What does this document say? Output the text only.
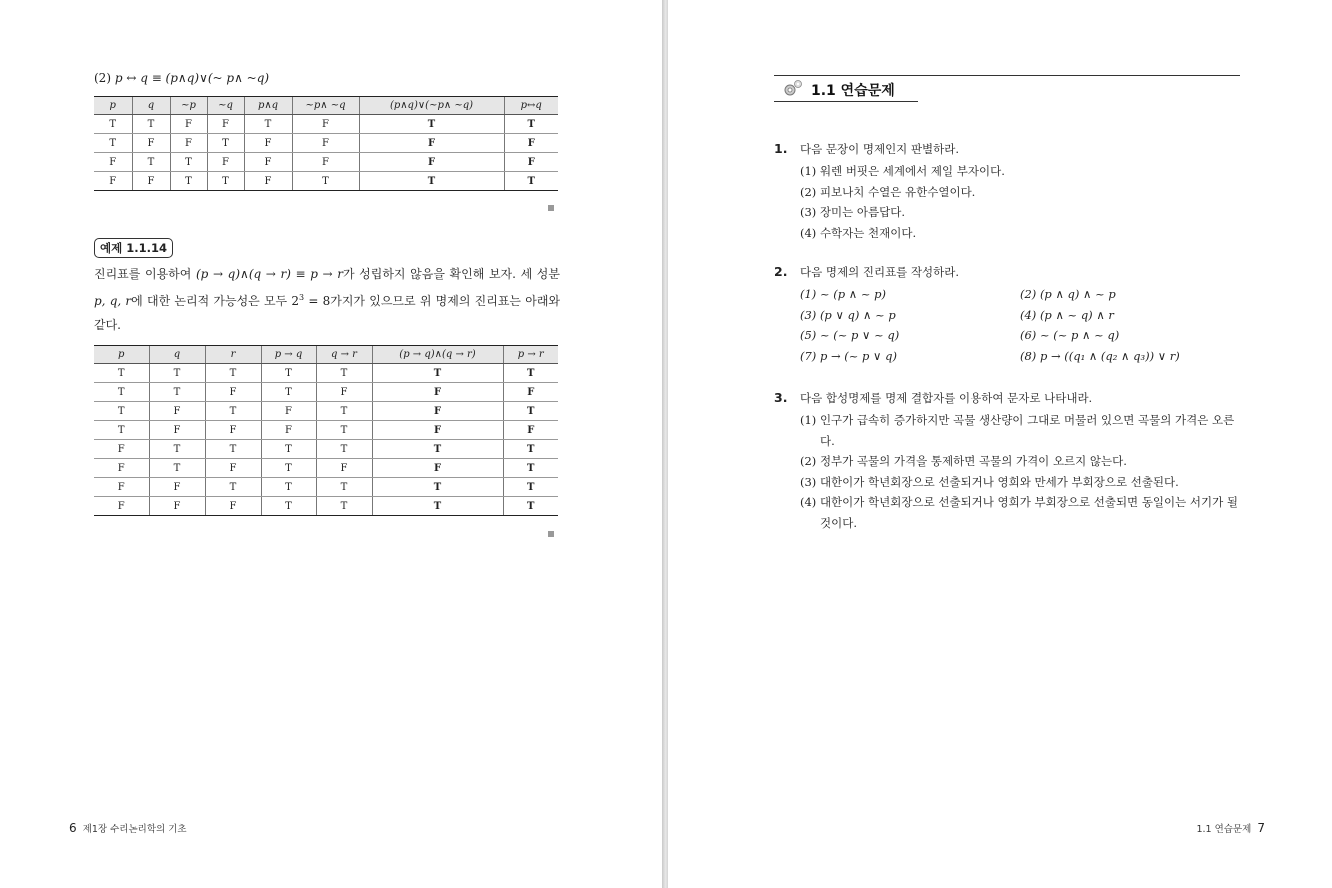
(2) p ↔ q ≡ (p∧q)∨(~ p∧ ~q)
p	q	~p	~q	p∧q	~p∧ ~q	(p∧q)∨(~p∧ ~q)	p↔q
T	T	F	F	T	F	T	T
T	F	F	T	F	F	F	F
F	T	T	F	F	F	F	F
F	F	T	T	F	T	T	T
예제 1.1.14

진리표를 이용하여 (p → q)∧(q → r) ≡ p → r가 성립하지 않음을 확인해 보자. 세 성분 p, q, r에 대한 논리적 가능성은 모두 $2^3 = 8$가지가 있으므로 위 명제의 진리표는 아래와 같다.

p	q	r	p → q	q → r	(p → q)∧(q → r)	p → r
T	T	T	T	T	T	T
T	T	F	T	F	F	F
T	F	T	F	T	F	T
T	F	F	F	T	F	F
F	T	T	T	T	T	T
F	T	F	T	F	F	T
F	F	T	T	T	T	T
F	F	F	T	T	T	T
6 제1장 수리논리학의 기초
1.1 연습문제
1. 다음 문장이 명제인지 판별하라.
(1) 워렌 버핏은 세계에서 제일 부자이다.
(2) 피보나치 수열은 유한수열이다.
(3) 장미는 아름답다.
(4) 수학자는 천재이다.
2. 다음 명제의 진리표를 작성하라.
(1) ~ (p ∧ ~ p)	(2) (p ∧ q) ∧ ~ p
(3) (p ∨ q) ∧ ~ p	(4) (p ∧ ~ q) ∧ r
(5) ~ (~ p ∨ ~ q)	(6) ~ (~ p ∧ ~ q)
(7) p → (~ p ∨ q)	(8) p → ((q₁ ∧ (q₂ ∧ q₃)) ∨ r)
3. 다음 합성명제를 명제 결합자를 이용하여 문자로 나타내라.
(1) 인구가 급속히 증가하지만 곡물 생산량이 그대로 머물러 있으면 곡물의 가격은 오른다.
(2) 정부가 곡물의 가격을 통제하면 곡물의 가격이 오르지 않는다.
(3) 대한이가 학년회장으로 선출되거나 영희와 만세가 부회장으로 선출된다.
(4) 대한이가 학년회장으로 선출되거나 영희가 부회장으로 선출되면 동일이는 서기가 될 것이다.
1.1 연습문제 7
